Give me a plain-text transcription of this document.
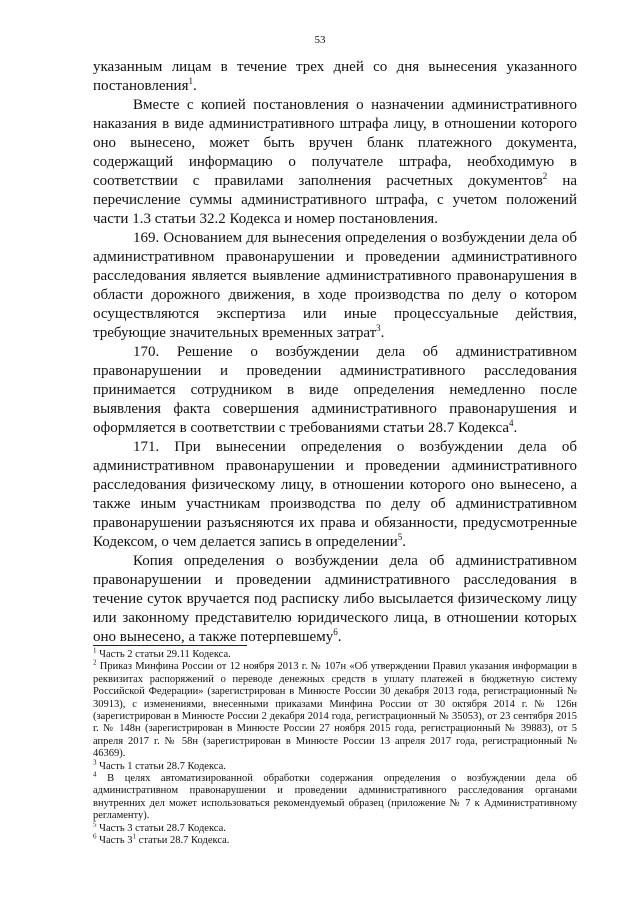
53

указанным лицам в течение трех дней со дня вынесения указанного постановления$^1$.

Вместе с копией постановления о назначении административного наказания в виде административного штрафа лицу, в отношении которого оно вынесено, может быть вручен бланк платежного документа, содержащий информацию о получателе штрафа, необходимую в соответствии с правилами заполнения расчетных документов$^2$ на перечисление суммы административного штрафа, с учетом положений части 1.3 статьи 32.2 Кодекса и номер постановления.

169. Основанием для вынесения определения о возбуждении дела об административном правонарушении и проведении административного расследования является выявление административного правонарушения в области дорожного движения, в ходе производства по делу о котором осуществляются экспертиза или иные процессуальные действия, требующие значительных временных затрат$^3$.

170. Решение о возбуждении дела об административном правонарушении и проведении административного расследования принимается сотрудником в виде определения немедленно после выявления факта совершения административного правонарушения и оформляется в соответствии с требованиями статьи 28.7 Кодекса$^4$.

171. При вынесении определения о возбуждении дела об административном правонарушении и проведении административного расследования физическому лицу, в отношении которого оно вынесено, а также иным участникам производства по делу об административном правонарушении разъясняются их права и обязанности, предусмотренные Кодексом, о чем делается запись в определении$^5$.

Копия определения о возбуждении дела об административном правонарушении и проведении административного расследования в течение суток вручается под расписку либо высылается физическому лицу или законному представителю юридического лица, в отношении которых оно вынесено, а также потерпевшему$^6$.

$^1$ Часть 2 статьи 29.11 Кодекса.

$^2$ Приказ Минфина России от 12 ноября 2013 г. № 107н «Об утверждении Правил указания информации в реквизитах распоряжений о переводе денежных средств в уплату платежей в бюджетную систему Российской Федерации» (зарегистрирован в Минюсте России 30 декабря 2013 года, регистрационный № 30913), с изменениями, внесенными приказами Минфина России от 30 октября 2014 г. № 126н (зарегистрирован в Минюсте России 2 декабря 2014 года, регистрационный № 35053), от 23 сентября 2015 г. № 148н (зарегистрирован в Минюсте России 27 ноября 2015 года, регистрационный № 39883), от 5 апреля 2017 г. № 58н (зарегистрирован в Минюсте России 13 апреля 2017 года, регистрационный № 46369).

$^3$ Часть 1 статьи 28.7 Кодекса.

$^4$ В целях автоматизированной обработки содержания определения о возбуждении дела об административном правонарушении и проведении административного расследования органами внутренних дел может использоваться рекомендуемый образец (приложение № 7 к Административному регламенту).

$^5$ Часть 3 статьи 28.7 Кодекса.

$^6$ Часть $3^1$ статьи 28.7 Кодекса.
